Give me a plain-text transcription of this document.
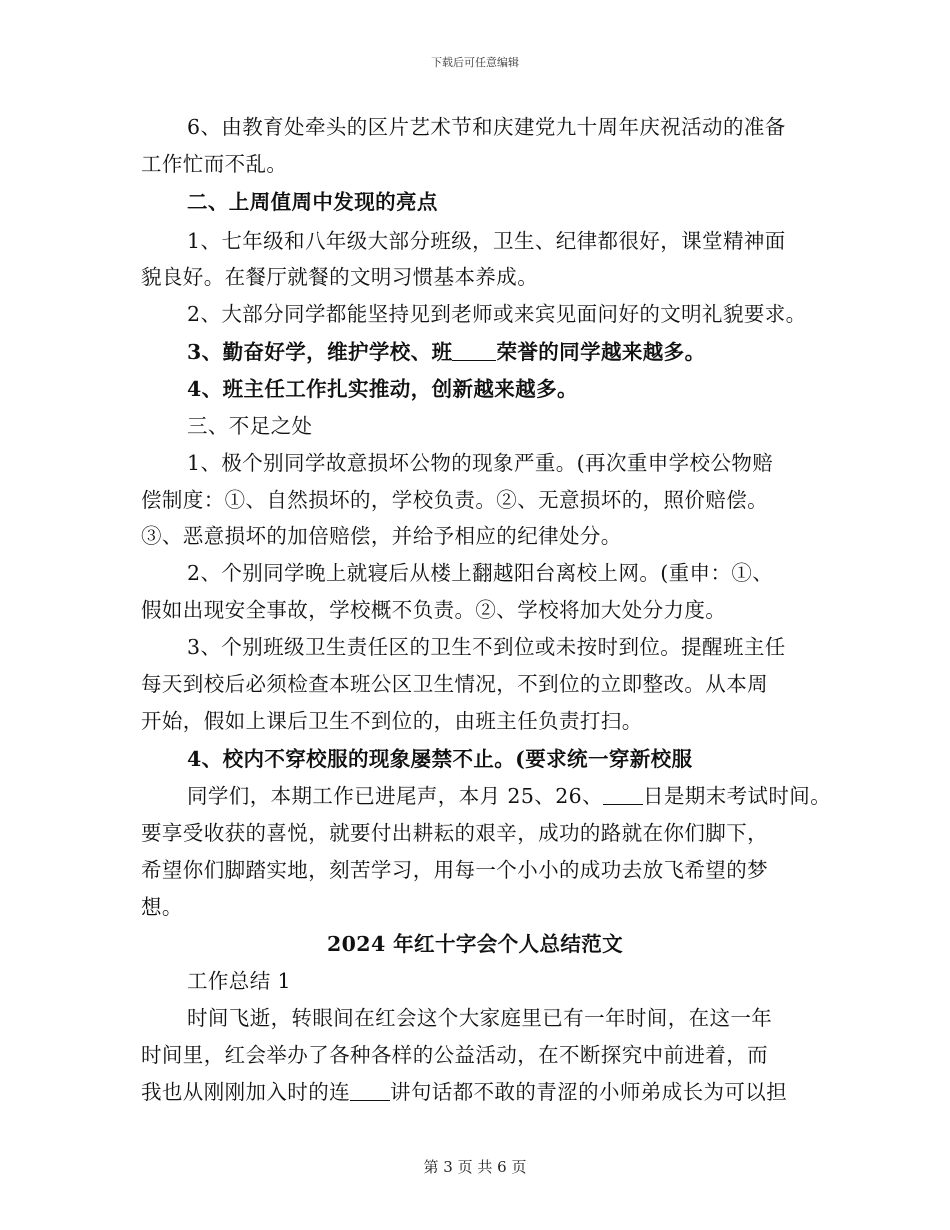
下载后可任意编辑
6、由教育处牵头的区片艺术节和庆建党九十周年庆祝活动的准备
工作忙而不乱。
二、上周值周中发现的亮点
1、七年级和八年级大部分班级，卫生、纪律都很好，课堂精神面
貌良好。在餐厅就餐的文明习惯基本养成。
2、大部分同学都能坚持见到老师或来宾见面问好的文明礼貌要求。
3、勤奋好学，维护学校、班 荣誉的同学越来越多。
4、班主任工作扎实推动，创新越来越多。
三、不足之处
1、极个别同学故意损坏公物的现象严重。(再次重申学校公物赔
偿制度：①、自然损坏的，学校负责。②、无意损坏的，照价赔偿。
③、恶意损坏的加倍赔偿，并给予相应的纪律处分。
2、个别同学晚上就寝后从楼上翻越阳台离校上网。(重申：①、
假如出现安全事故，学校概不负责。②、学校将加大处分力度。
3、个别班级卫生责任区的卫生不到位或未按时到位。提醒班主任
每天到校后必须检查本班公区卫生情况，不到位的立即整改。从本周
开始，假如上课后卫生不到位的，由班主任负责打扫。
4、校内不穿校服的现象屡禁不止。(要求统一穿新校服
同学们，本期工作已进尾声，本月 25、26、 日是期末考试时间。
要享受收获的喜悦，就要付出耕耘的艰辛，成功的路就在你们脚下，
希望你们脚踏实地，刻苦学习，用每一个小小的成功去放飞希望的梦
想。
2024 年红十字会个人总结范文
工作总结 1
时间飞逝，转眼间在红会这个大家庭里已有一年时间，在这一年
时间里，红会举办了各种各样的公益活动，在不断探究中前进着，而
我也从刚刚加入时的连 讲句话都不敢的青涩的小师弟成长为可以担
第 3 页 共 6 页
